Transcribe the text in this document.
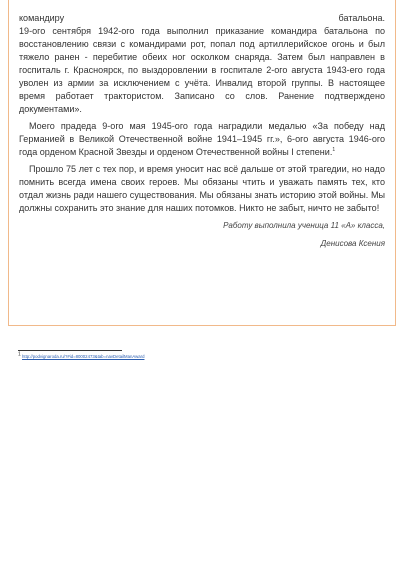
командиру	батальона.

19-ого сентября 1942-ого года выполнил приказание командира батальона по восстановлению связи с командирами рот, попал под артиллерийское огонь и был тяжело ранен - перебитие обеих ног осколком снаряда. Затем был направлен в госпиталь г. Красноярск, по выздоровлении в госпитале 2-ого августа 1943-его года уволен из армии за исключением с учёта. Инвалид второй группы. В настоящее время работает трактористом. Записано со слов. Ранение подтверждено документами».

Моего прадеда 9-ого мая 1945-ого года наградили медалью «За победу над Германией в Великой Отечественной войне 1941–1945 гг.», 6-ого августа 1946-ого года орденом Красной Звезды и орденом Отечественной войны I степени.$^1$

Прошло 75 лет с тех пор, и время уносит нас всё дальше от этой трагедии, но надо помнить всегда имена своих героев. Мы обязаны чтить и уважать память тех, кто отдал жизнь ради нашего существования. Мы обязаны знать историю этой войны. Мы должны сохранить это знание для наших потомков. Никто не забыт, ничто не забыто!

Работу выполнила ученица 11 «А» класса,

Денисова Ксения

$^1$ http://podvignaroda.ru/?#id=80002473&tab=navDetailManAward
